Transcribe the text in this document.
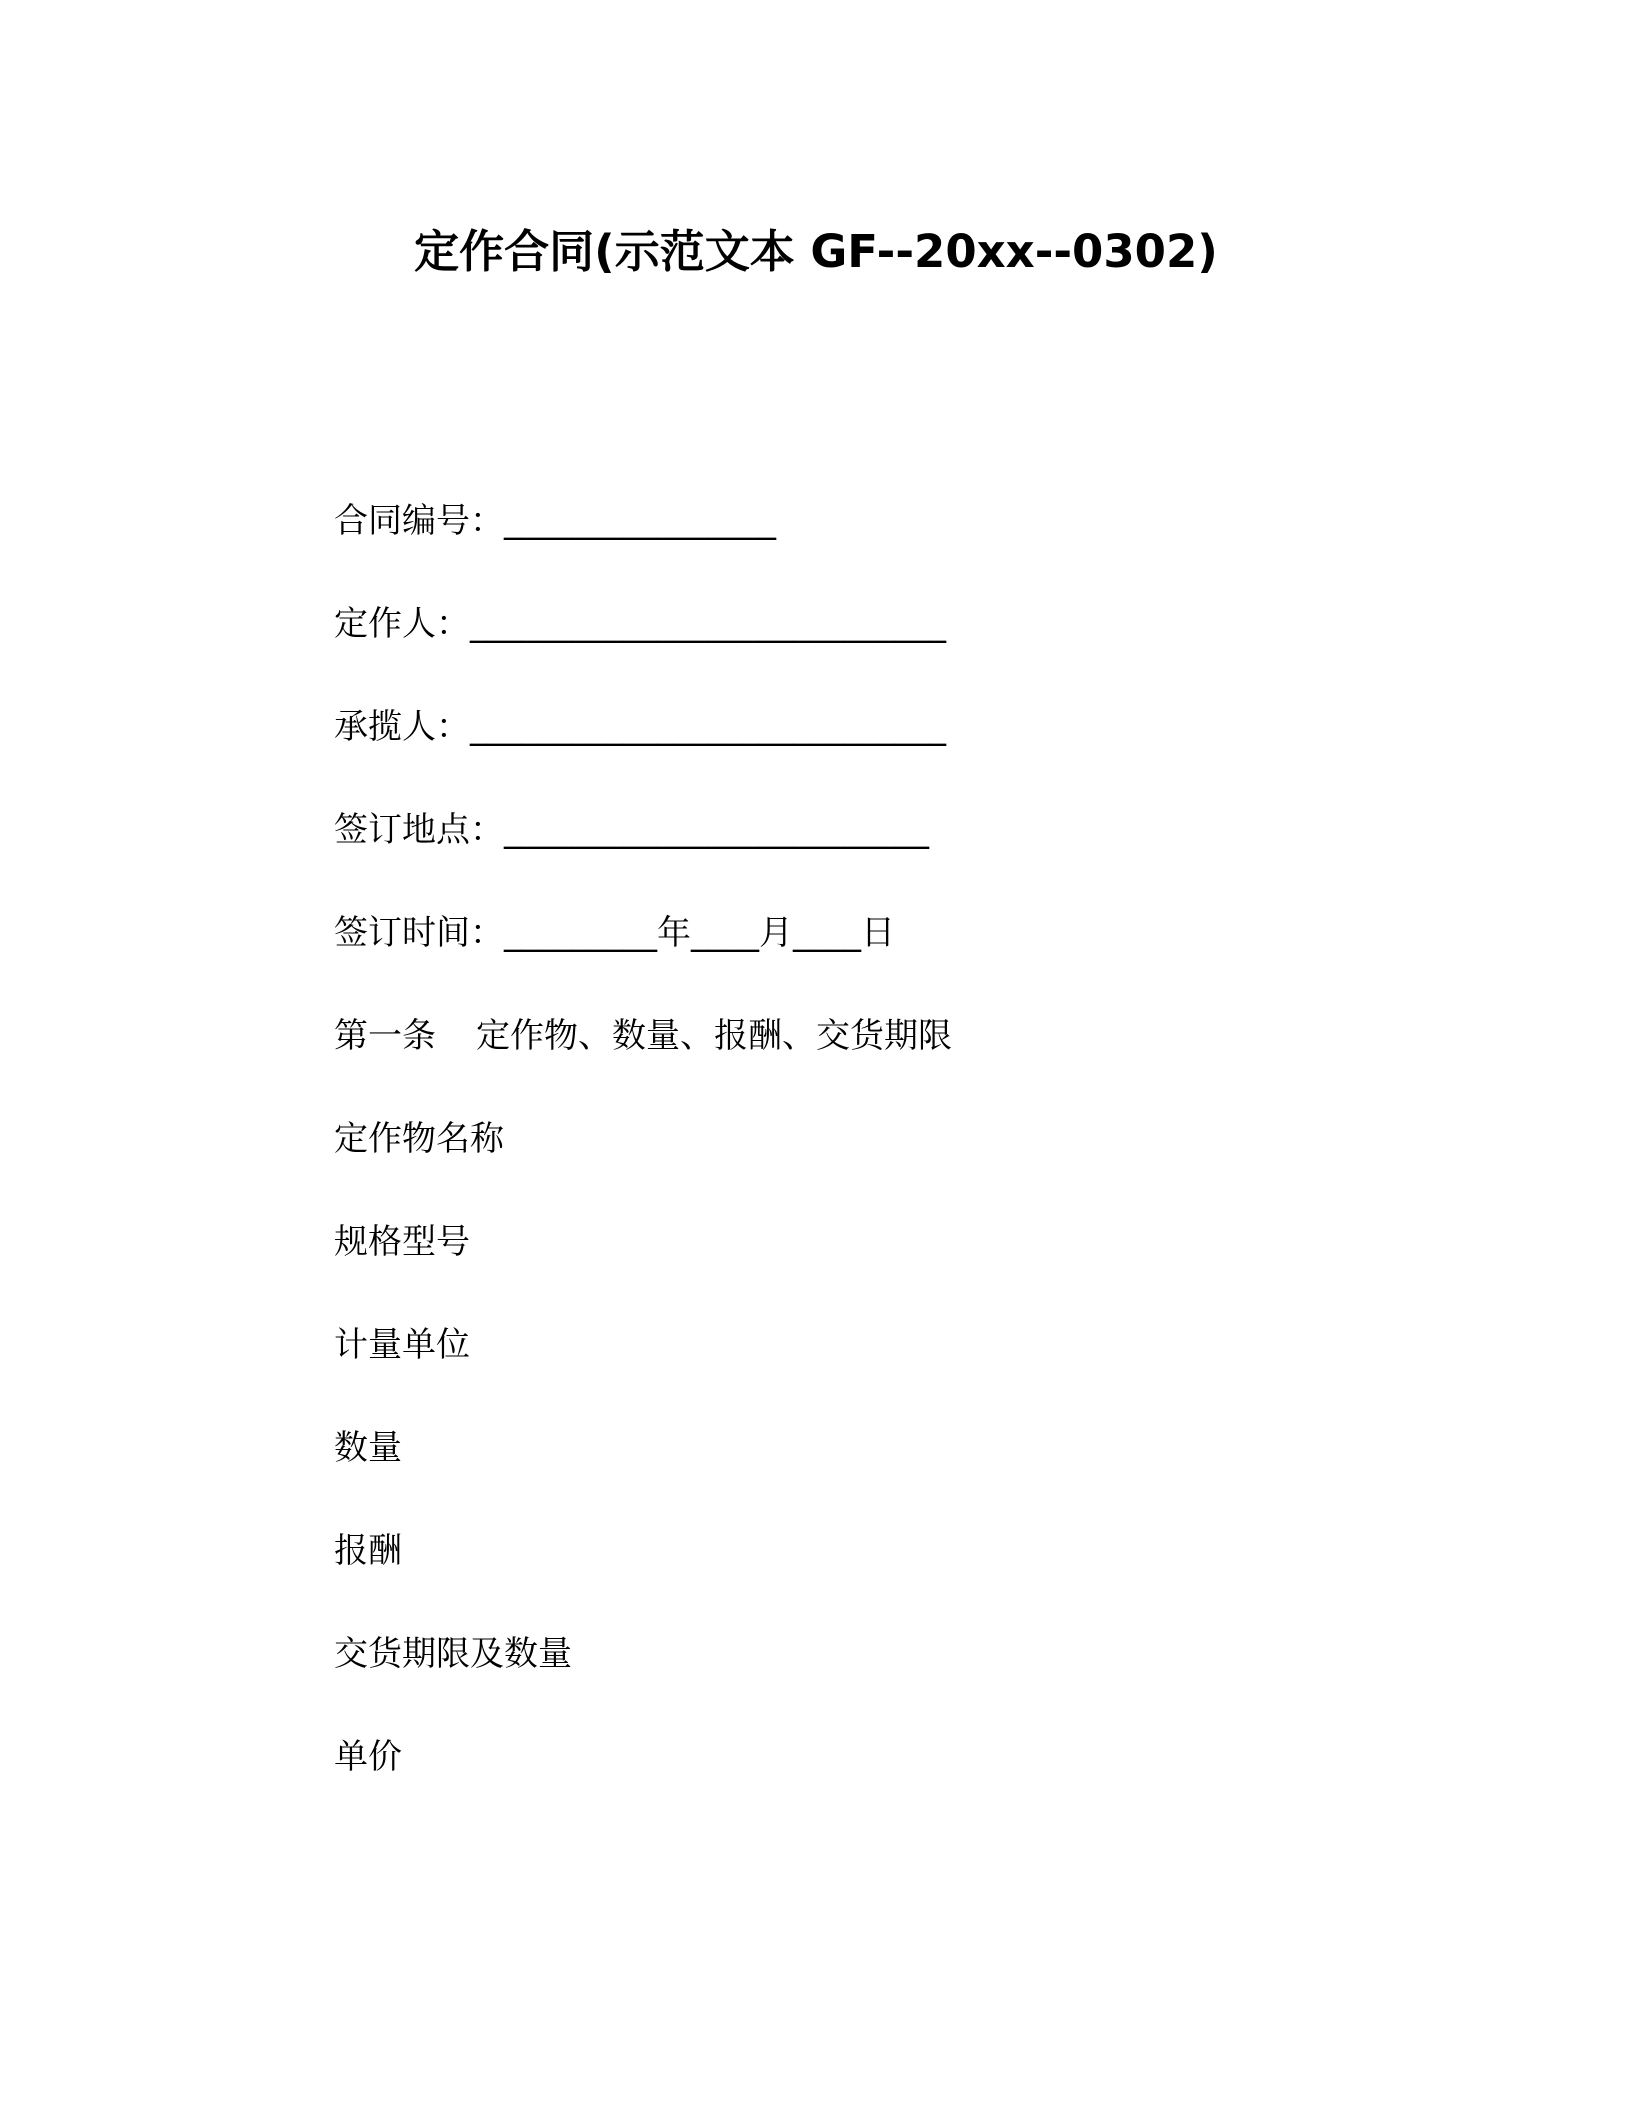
定作合同(示范文本 GF--20xx--0302)
合同编号：________________
定作人：____________________________
承揽人：____________________________
签订地点：_________________________
签订时间：_________年____月____日
第一条 定作物、数量、报酬、交货期限
定作物名称
规格型号
计量单位
数量
报酬
交货期限及数量
单价
